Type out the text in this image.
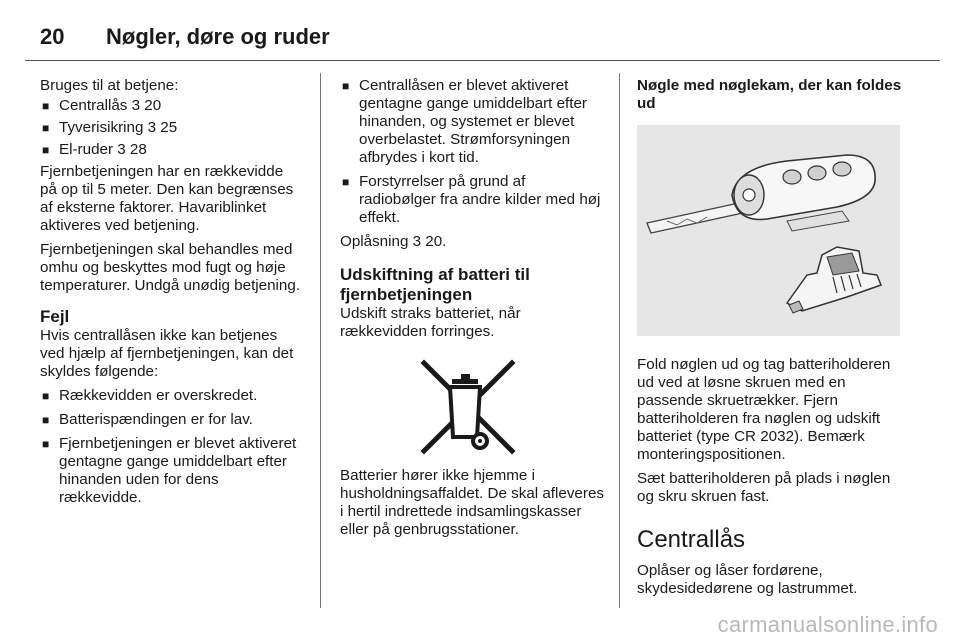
20	Nøgler, døre og ruder

Bruges til at betjene:

■ Centrallås 3 20
■ Tyverisikring 3 25
■ El-ruder 3 28

Fjernbetjeningen har en rækkevidde på op til 5 meter. Den kan begrænses af eksterne faktorer. Havariblinket aktiveres ved betjening.

Fjernbetjeningen skal behandles med omhu og beskyttes mod fugt og høje temperaturer. Undgå unødig betjening.

Fejl

Hvis centrallåsen ikke kan betjenes ved hjælp af fjernbetjeningen, kan det skyldes følgende:

■ Rækkevidden er overskredet.
■ Batterispændingen er for lav.
■ Fjernbetjeningen er blevet aktiveret gentagne gange umiddelbart efter hinanden uden for dens rækkevidde.
■ Centrallåsen er blevet aktiveret gentagne gange umiddelbart efter hinanden, og systemet er blevet overbelastet. Strømforsyningen afbrydes i kort tid.
■ Forstyrrelser på grund af radiobølger fra andre kilder med høj effekt.

Oplåsning 3 20.

Udskiftning af batteri til fjernbetjeningen

Udskift straks batteriet, når rækkevidden forringes.

Batterier hører ikke hjemme i husholdningsaffaldet. De skal afleveres i hertil indrettede indsamlingskasser eller på genbrugsstationer.

Nøgle med nøglekam, der kan foldes ud

Fold nøglen ud og tag batteriholderen ud ved at løsne skruen med en passende skruetrækker. Fjern batteriholderen fra nøglen og udskift batteriet (type CR 2032). Bemærk monteringspositionen.

Sæt batteriholderen på plads i nøglen og skru skruen fast.

Centrallås

Oplåser og låser fordørene, skydesidedørene og lastrummet.

carmanualsonline.info
